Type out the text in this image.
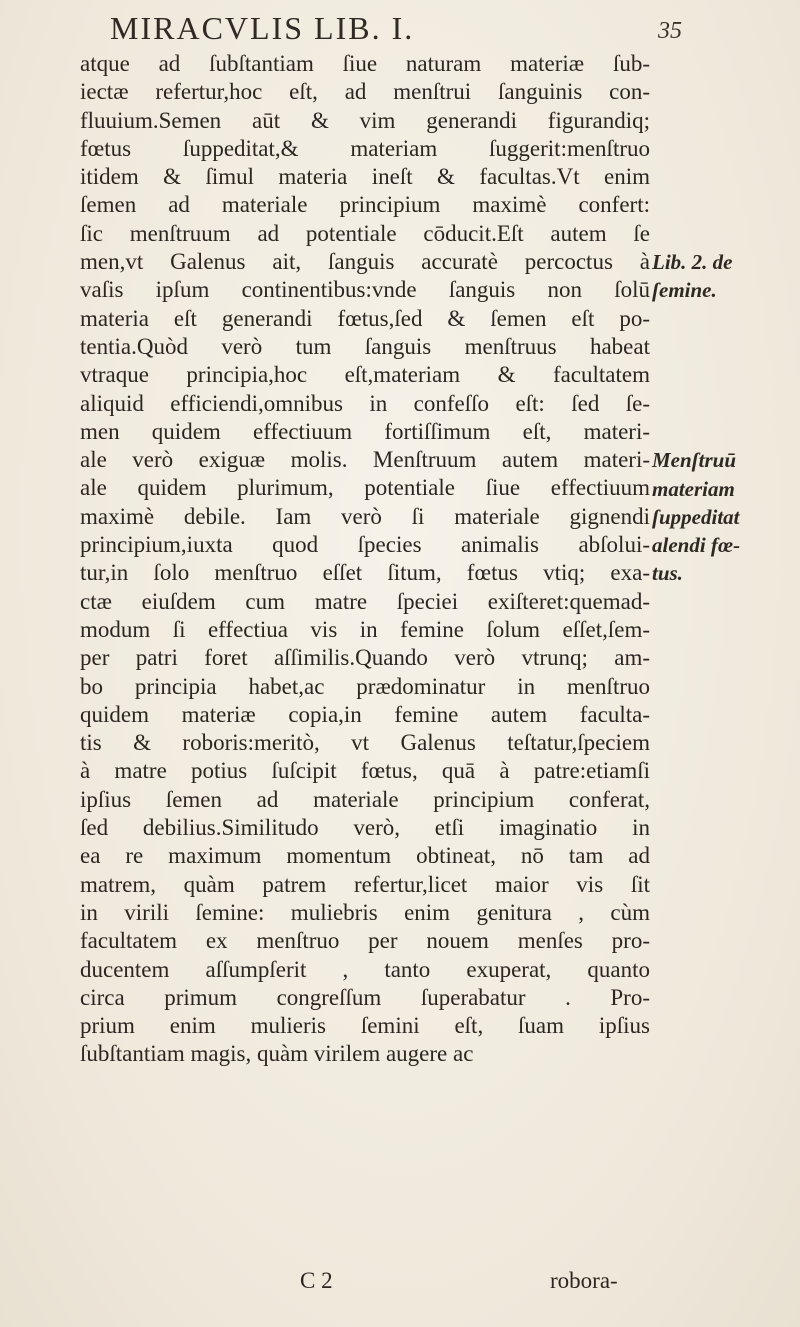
MIRACVLIS LIB. I.	35
atque ad ſubſtantiam ſiue naturam materiæ ſub-
iectæ refertur,hoc eſt, ad menſtrui ſanguinis con-
fluuium.Semen aūt & vim generandi figurandiq;
fœtus ſuppeditat,& materiam ſuggerit:menſtruo
itidem & ſimul materia ineſt & facultas.Vt enim
ſemen ad materiale principium maximè confert:
ſic menſtruum ad potentiale cōducit.Eſt autem ſe
men,vt Galenus ait, ſanguis accuratè percoctus à
vaſis ipſum continentibus:vnde ſanguis non ſolū
materia eſt generandi fœtus,ſed & ſemen eſt po-
tentia.Quòd verò tum ſanguis menſtruus habeat
vtraque principia,hoc eſt,materiam & facultatem
aliquid efficiendi,omnibus in confeſſo eſt: ſed ſe-
men quidem effectiuum fortiſſimum eſt, materi-
ale verò exiguæ molis. Menſtruum autem materi-
ale quidem plurimum, potentiale ſiue effectiuum
maximè debile. Iam verò ſi materiale gignendi
principium,iuxta quod ſpecies animalis abſolui-
tur,in ſolo menſtruo eſſet ſitum, fœtus vtiq; exa-
ctæ eiuſdem cum matre ſpeciei exiſteret:quemad-
modum ſi effectiua vis in femine ſolum eſſet,ſem-
per patri foret aſſimilis.Quando verò vtrunq; am-
bo principia habet,ac prædominatur in menſtruo
quidem materiæ copia,in femine autem faculta-
tis & roboris:meritò, vt Galenus teſtatur,ſpeciem
à matre potius ſuſcipit fœtus, quā à patre:etiamſi
ipſius ſemen ad materiale principium conferat,
ſed debilius.Similitudo verò, etſi imaginatio in
ea re maximum momentum obtineat, nō tam ad
matrem, quàm patrem refertur,licet maior vis ſit
in virili ſemine: muliebris enim genitura , cùm
facultatem ex menſtruo per nouem menſes pro-
ducentem aſſumpſerit , tanto exuperat, quanto
circa primum congreſſum ſuperabatur . Pro-
prium enim mulieris ſemini eſt, ſuam ipſius
ſubſtantiam magis, quàm virilem augere ac
Lib. 2. de
ſemine.
Menſtruū
materiam
ſuppeditat
alendi fœ-
tus.
C 2	robora-
